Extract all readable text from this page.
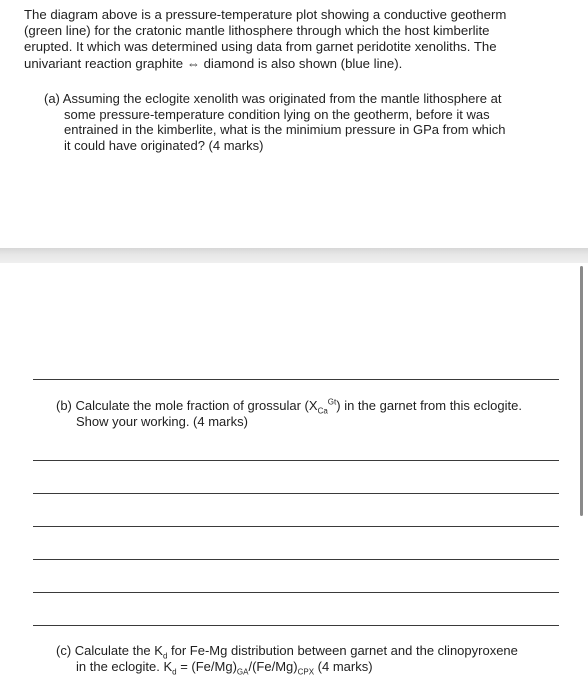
The diagram above is a pressure-temperature plot showing a conductive geotherm
(green line) for the cratonic mantle lithosphere through which the host kimberlite
erupted. It which was determined using data from garnet peridotite xenoliths. The
univariant reaction graphite ⇔ diamond is also shown (blue line).
(a) Assuming the eclogite xenolith was originated from the mantle lithosphere at
some pressure-temperature condition lying on the geotherm, before it was
entrained in the kimberlite, what is the minimium pressure in GPa from which
it could have originated? (4 marks)
(b) Calculate the mole fraction of grossular $(X_{Ca}^{Gt})$ in the garnet from this eclogite.
Show your working. (4 marks)
(c) Calculate the $K_d$ for Fe-Mg distribution between garnet and the clinopyroxene
in the eclogite. $K_d = (Fe/Mg)_{GA}/(Fe/Mg)_{CPX}$ (4 marks)
